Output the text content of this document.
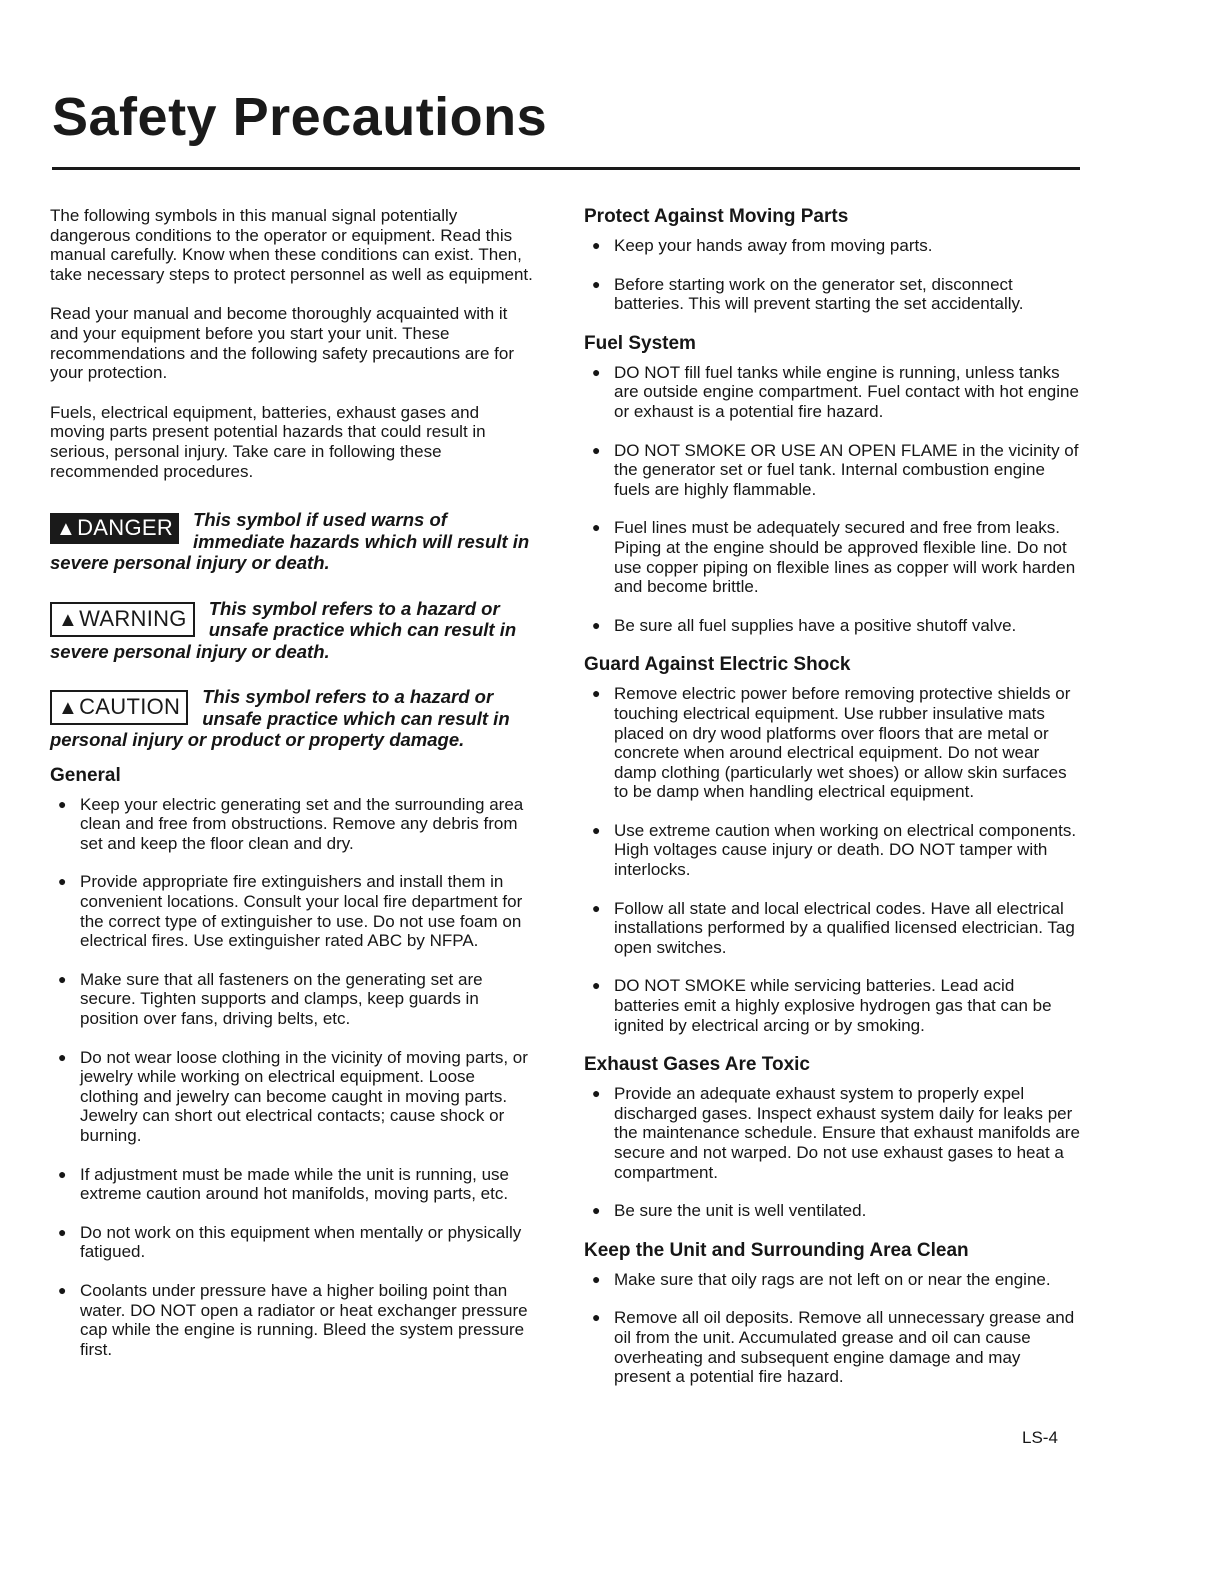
Safety Precautions

The following symbols in this manual signal potentially dangerous conditions to the operator or equipment. Read this manual carefully. Know when these conditions can exist. Then, take necessary steps to protect personnel as well as equipment.

Read your manual and become thoroughly acquainted with it and your equipment before you start your unit. These recommendations and the following safety precautions are for your protection.

Fuels, electrical equipment, batteries, exhaust gases and moving parts present potential hazards that could result in serious, personal injury. Take care in following these recommended procedures.

▲DANGER	This symbol if used warns of immediate hazards which will result in severe personal injury or death.
▲WARNING	This symbol refers to a hazard or unsafe practice which can result in severe personal injury or death.
▲CAUTION	This symbol refers to a hazard or unsafe practice which can result in personal injury or product or property damage.
General
● Keep your electric generating set and the surrounding area clean and free from obstructions. Remove any debris from set and keep the floor clean and dry.
● Provide appropriate fire extinguishers and install them in convenient locations. Consult your local fire department for the correct type of extinguisher to use. Do not use foam on electrical fires. Use extinguisher rated ABC by NFPA.
● Make sure that all fasteners on the generating set are secure. Tighten supports and clamps, keep guards in position over fans, driving belts, etc.
● Do not wear loose clothing in the vicinity of moving parts, or jewelry while working on electrical equipment. Loose clothing and jewelry can become caught in moving parts. Jewelry can short out electrical contacts; cause shock or burning.
● If adjustment must be made while the unit is running, use extreme caution around hot manifolds, moving parts, etc.
● Do not work on this equipment when mentally or physically fatigued.
● Coolants under pressure have a higher boiling point than water. DO NOT open a radiator or heat exchanger pressure cap while the engine is running. Bleed the system pressure first.
Protect Against Moving Parts
● Keep your hands away from moving parts.
● Before starting work on the generator set, disconnect batteries. This will prevent starting the set accidentally.
Fuel System
● DO NOT fill fuel tanks while engine is running, unless tanks are outside engine compartment. Fuel contact with hot engine or exhaust is a potential fire hazard.
● DO NOT SMOKE OR USE AN OPEN FLAME in the vicinity of the generator set or fuel tank. Internal combustion engine fuels are highly flammable.
● Fuel lines must be adequately secured and free from leaks. Piping at the engine should be approved flexible line. Do not use copper piping on flexible lines as copper will work harden and become brittle.
● Be sure all fuel supplies have a positive shutoff valve.
Guard Against Electric Shock
● Remove electric power before removing protective shields or touching electrical equipment. Use rubber insulative mats placed on dry wood platforms over floors that are metal or concrete when around electrical equipment. Do not wear damp clothing (particularly wet shoes) or allow skin surfaces to be damp when handling electrical equipment.
● Use extreme caution when working on electrical components. High voltages cause injury or death. DO NOT tamper with interlocks.
● Follow all state and local electrical codes. Have all electrical installations performed by a qualified licensed electrician. Tag open switches.
● DO NOT SMOKE while servicing batteries. Lead acid batteries emit a highly explosive hydrogen gas that can be ignited by electrical arcing or by smoking.
Exhaust Gases Are Toxic
● Provide an adequate exhaust system to properly expel discharged gases. Inspect exhaust system daily for leaks per the maintenance schedule. Ensure that exhaust manifolds are secure and not warped. Do not use exhaust gases to heat a compartment.
● Be sure the unit is well ventilated.
Keep the Unit and Surrounding Area Clean
● Make sure that oily rags are not left on or near the engine.
● Remove all oil deposits. Remove all unnecessary grease and oil from the unit. Accumulated grease and oil can cause overheating and subsequent engine damage and may present a potential fire hazard.
LS-4
